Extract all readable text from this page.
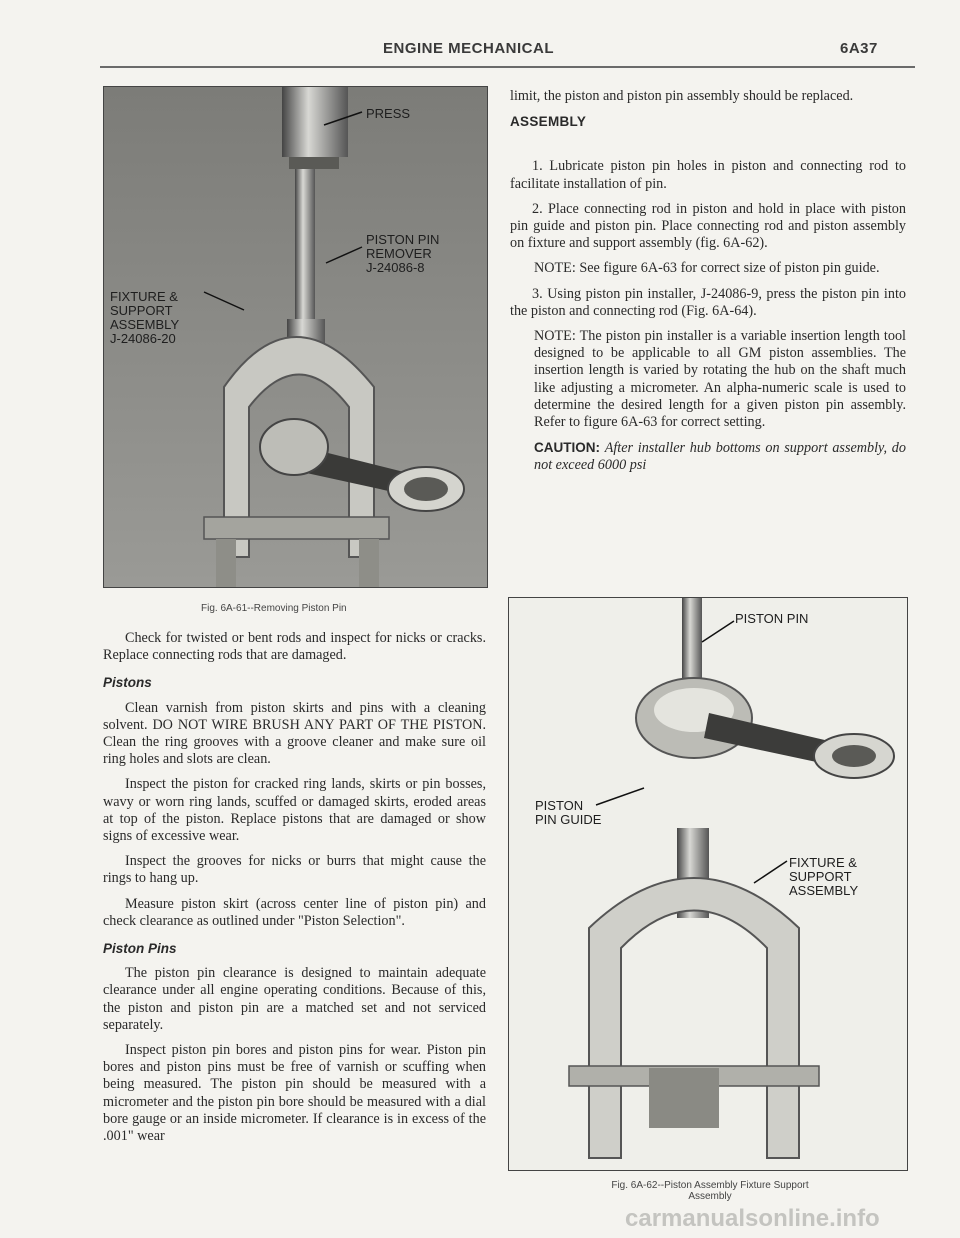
ENGINE MECHANICAL	6A37
PRESS
PISTON PIN
REMOVER
J-24086-8
FIXTURE &
SUPPORT
ASSEMBLY
J-24086-20
Fig. 6A-61--Removing Piston Pin

Check for twisted or bent rods and inspect for nicks or cracks. Replace connecting rods that are damaged.

Pistons

Clean varnish from piston skirts and pins with a cleaning solvent. DO NOT WIRE BRUSH ANY PART OF THE PISTON. Clean the ring grooves with a groove cleaner and make sure oil ring holes and slots are clean.

Inspect the piston for cracked ring lands, skirts or pin bosses, wavy or worn ring lands, scuffed or damaged skirts, eroded areas at top of the piston. Replace pistons that are damaged or show signs of excessive wear.

Inspect the grooves for nicks or burrs that might cause the rings to hang up.

Measure piston skirt (across center line of piston pin) and check clearance as outlined under "Piston Selection".

Piston Pins

The piston pin clearance is designed to maintain adequate clearance under all engine operating conditions. Because of this, the piston and piston pin are a matched set and not serviced separately.

Inspect piston pin bores and piston pins for wear. Piston pin bores and piston pins must be free of varnish or scuffing when being measured. The piston pin should be measured with a micrometer and the piston pin bore should be measured with a dial bore gauge or an inside micrometer. If clearance is in excess of the .001" wear

limit, the piston and piston pin assembly should be replaced.

ASSEMBLY

1. Lubricate piston pin holes in piston and connecting rod to facilitate installation of pin.

2. Place connecting rod in piston and hold in place with piston pin guide and piston pin. Place connecting rod and piston assembly on fixture and support assembly (fig. 6A-62).

NOTE: See figure 6A-63 for correct size of piston pin guide.

3. Using piston pin installer, J-24086-9, press the piston pin into the piston and connecting rod (Fig. 6A-64).

NOTE: The piston pin installer is a variable insertion length tool designed to be applicable to all GM piston assemblies. The insertion length is varied by rotating the hub on the shaft much like adjusting a micrometer. An alpha-numeric scale is used to determine the desired length for a given piston pin assembly. Refer to figure 6A-63 for correct setting.

CAUTION: After installer hub bottoms on support assembly, do not exceed 6000 psi

PISTON PIN
PISTON
PIN GUIDE
FIXTURE &
SUPPORT
ASSEMBLY
Fig. 6A-62--Piston Assembly Fixture Support
Assembly
carmanualsonline.info
